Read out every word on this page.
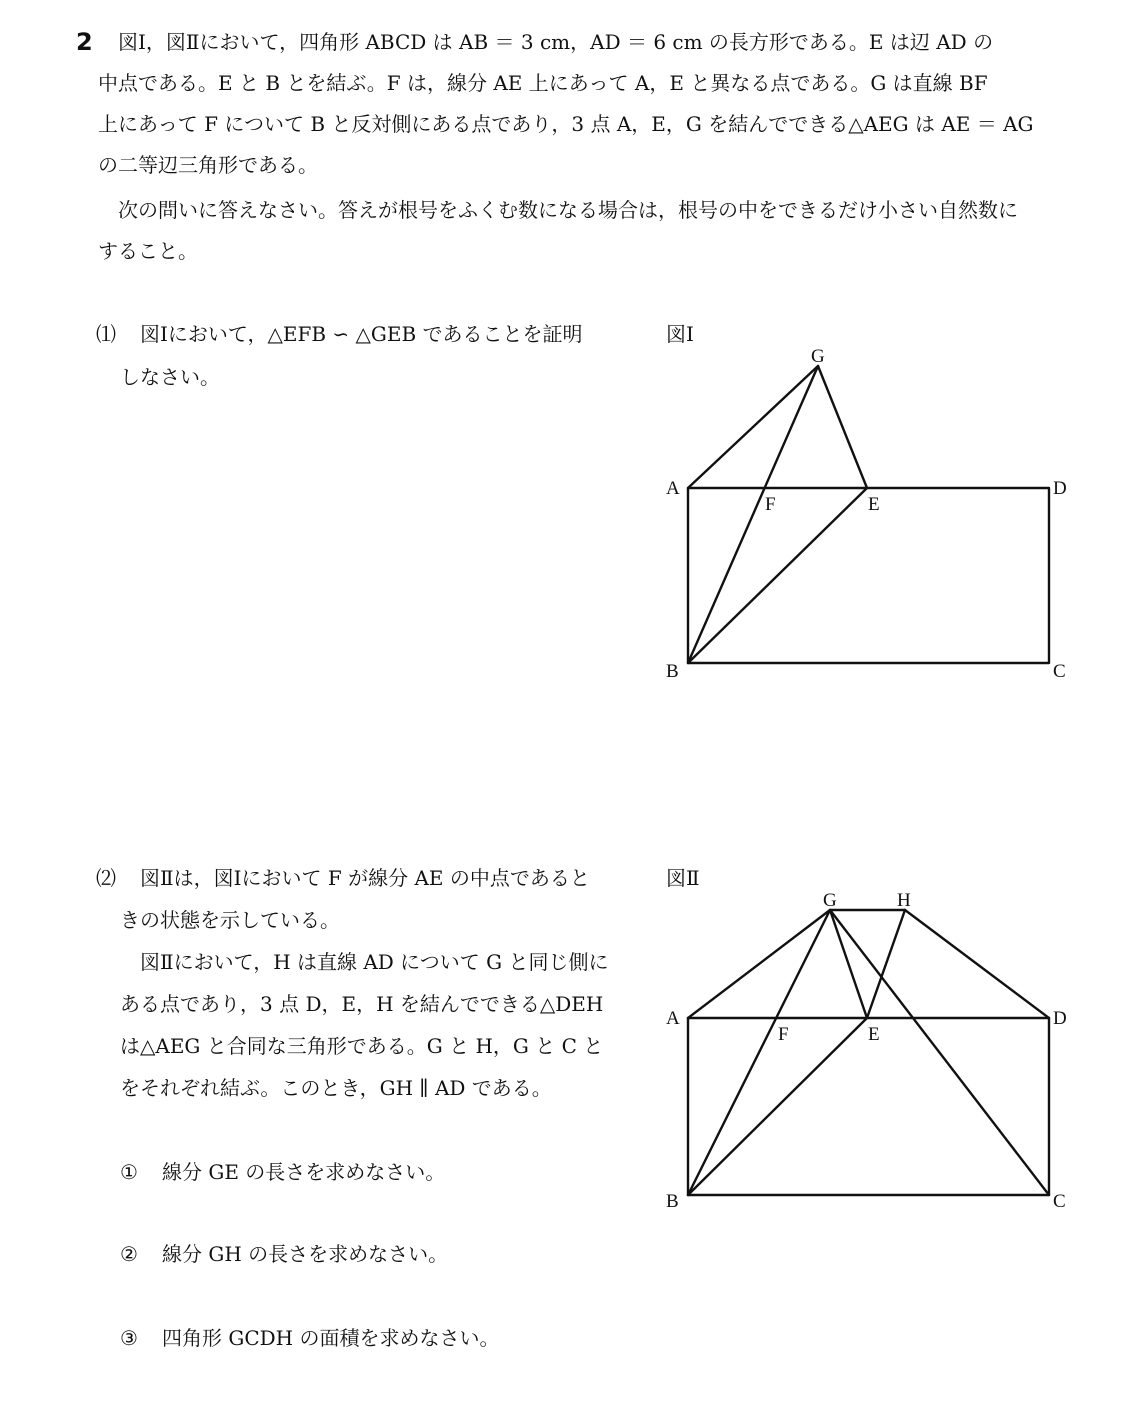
2 図Ⅰ，図Ⅱにおいて，四角形 ABCD は AB ＝ 3 cm，AD ＝ 6 cm の長方形である。E は辺 AD の
中点である。E と B とを結ぶ。F は，線分 AE 上にあって A，E と異なる点である。G は直線 BF
上にあって F について B と反対側にある点であり，3 点 A，E，G を結んでできる△AEG は AE ＝ AG
の二等辺三角形である。
次の問いに答えなさい。答えが根号をふくむ数になる場合は，根号の中をできるだけ小さい自然数に
すること。
⑴ 図Ⅰにおいて，△EFB ∽ △GEB であることを証明
しなさい。
⑵ 図Ⅱは，図Ⅰにおいて F が線分 AE の中点であると
きの状態を示している。
図Ⅱにおいて，H は直線 AD について G と同じ側に
ある点であり，3 点 D，E，H を結んでできる△DEH
は△AEG と合同な三角形である。G と H，G と C と
をそれぞれ結ぶ。このとき，GH ∥ AD である。
① 線分 GE の長さを求めなさい。
② 線分 GH の長さを求めなさい。
③ 四角形 GCDH の面積を求めなさい。
図Ⅰ
G
A
F	E
D
B	C
G	H
A
F	E
D
B	C
図Ⅱ
